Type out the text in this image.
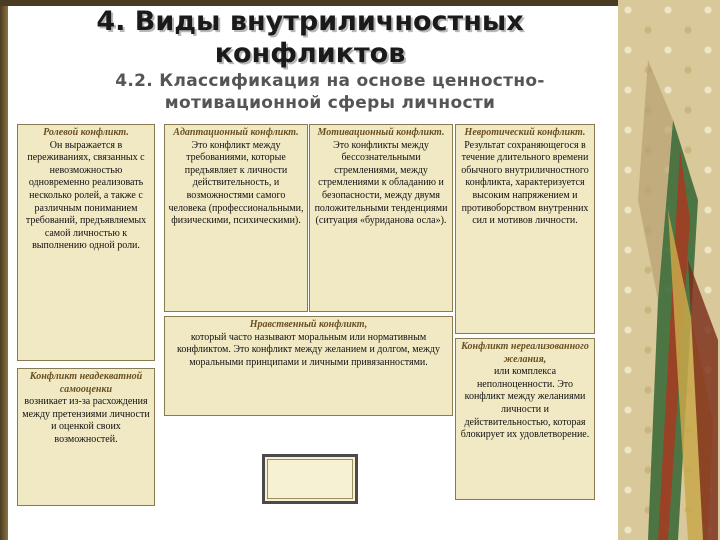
4. Виды внутриличностных конфликтов
4.2. Классификация на основе ценностно-мотивационной сферы личности
Ролевой конфликт.
Он выражается в переживаниях, связанных с невозможностью одновременно реализовать несколько ролей, а также с различным пониманием требований, предъявляемых самой личностью к выполнению одной роли.
Адаптационный конфликт.
Это конфликт между требованиями, которые предъявляет к личности действительность, и возможностями самого человека (профессиональными, физическими, психическими).
Мотивационный конфликт.
Это конфликты между бессознательными стремлениями, между стремлениями к обладанию и безопасности, между двумя положительными тенденциями (ситуация «буриданова осла»).
Невротический конфликт.
Результат сохраняющегося в течение длительного времени обычного внутриличностного конфликта, характеризуется высоким напряжением и противоборством внутренних сил и мотивов личности.
Нравственный конфликт,
который часто называют моральным или нормативным конфликтом. Это конфликт между желанием и долгом, между моральными принципами и личными привязанностями.
Конфликт неадекватной самооценки
возникает из-за расхождения между претензиями личности и оценкой своих возможностей.
Конфликт нереализованного желания,
или комплекса неполноценности. Это конфликт между желаниями личности и действительностью, которая блокирует их удовлетворение.
